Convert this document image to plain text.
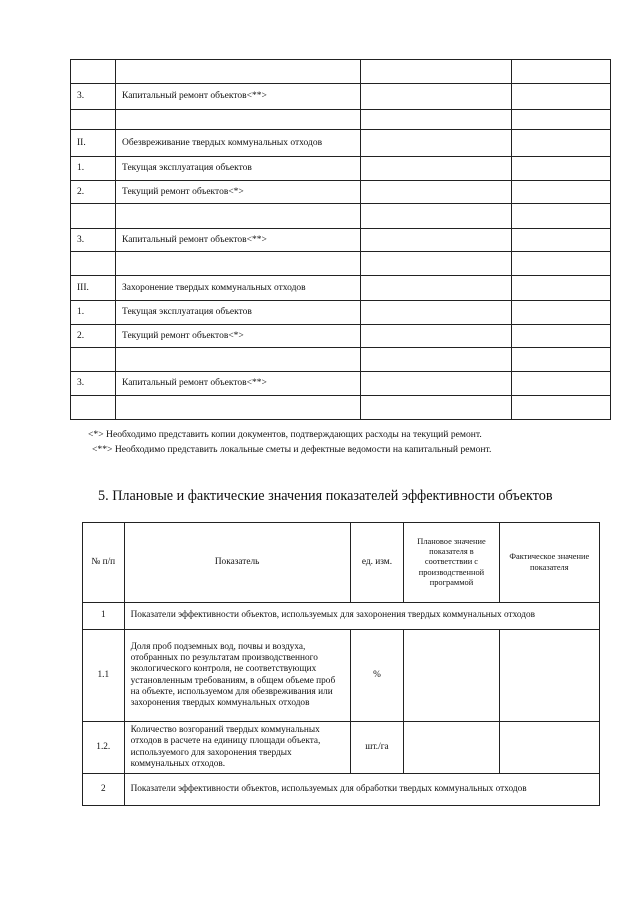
3.	Капитальный ремонт объектов<**>		

II.	Обезвреживание твердых коммунальных отходов		
1.	Текущая эксплуатация объектов		
2.	Текущий ремонт объектов<*>		

3.	Капитальный ремонт объектов<**>		

III.	Захоронение твердых коммунальных отходов		
1.	Текущая эксплуатация объектов		
2.	Текущий ремонт объектов<*>		

3.	Капитальный ремонт объектов<**>		

<*> Необходимо представить копии документов, подтверждающих расходы на текущий ремонт.
<**> Необходимо представить локальные сметы и дефектные ведомости на капитальный ремонт.
5. Плановые и фактические значения показателей эффективности объектов
№ п/п	Показатель	ед. изм.	Плановое значение показателя в соответствии с производственной программой	Фактическое значение показателя
1	Показатели эффективности объектов, используемых для захоронения твердых коммунальных отходов			
1.1	Доля проб подземных вод, почвы и воздуха, отобранных по результатам производственного экологического контроля, не соответствующих установленным требованиям, в общем объеме проб на объекте, используемом для обезвреживания или захоронения твердых коммунальных отходов	%		
1.2.	Количество возгораний твердых коммунальных отходов в расчете на единицу площади объекта, используемого для захоронения твердых коммунальных отходов.	шт./га		
2	Показатели эффективности объектов, используемых для обработки твердых коммунальных отходов			
